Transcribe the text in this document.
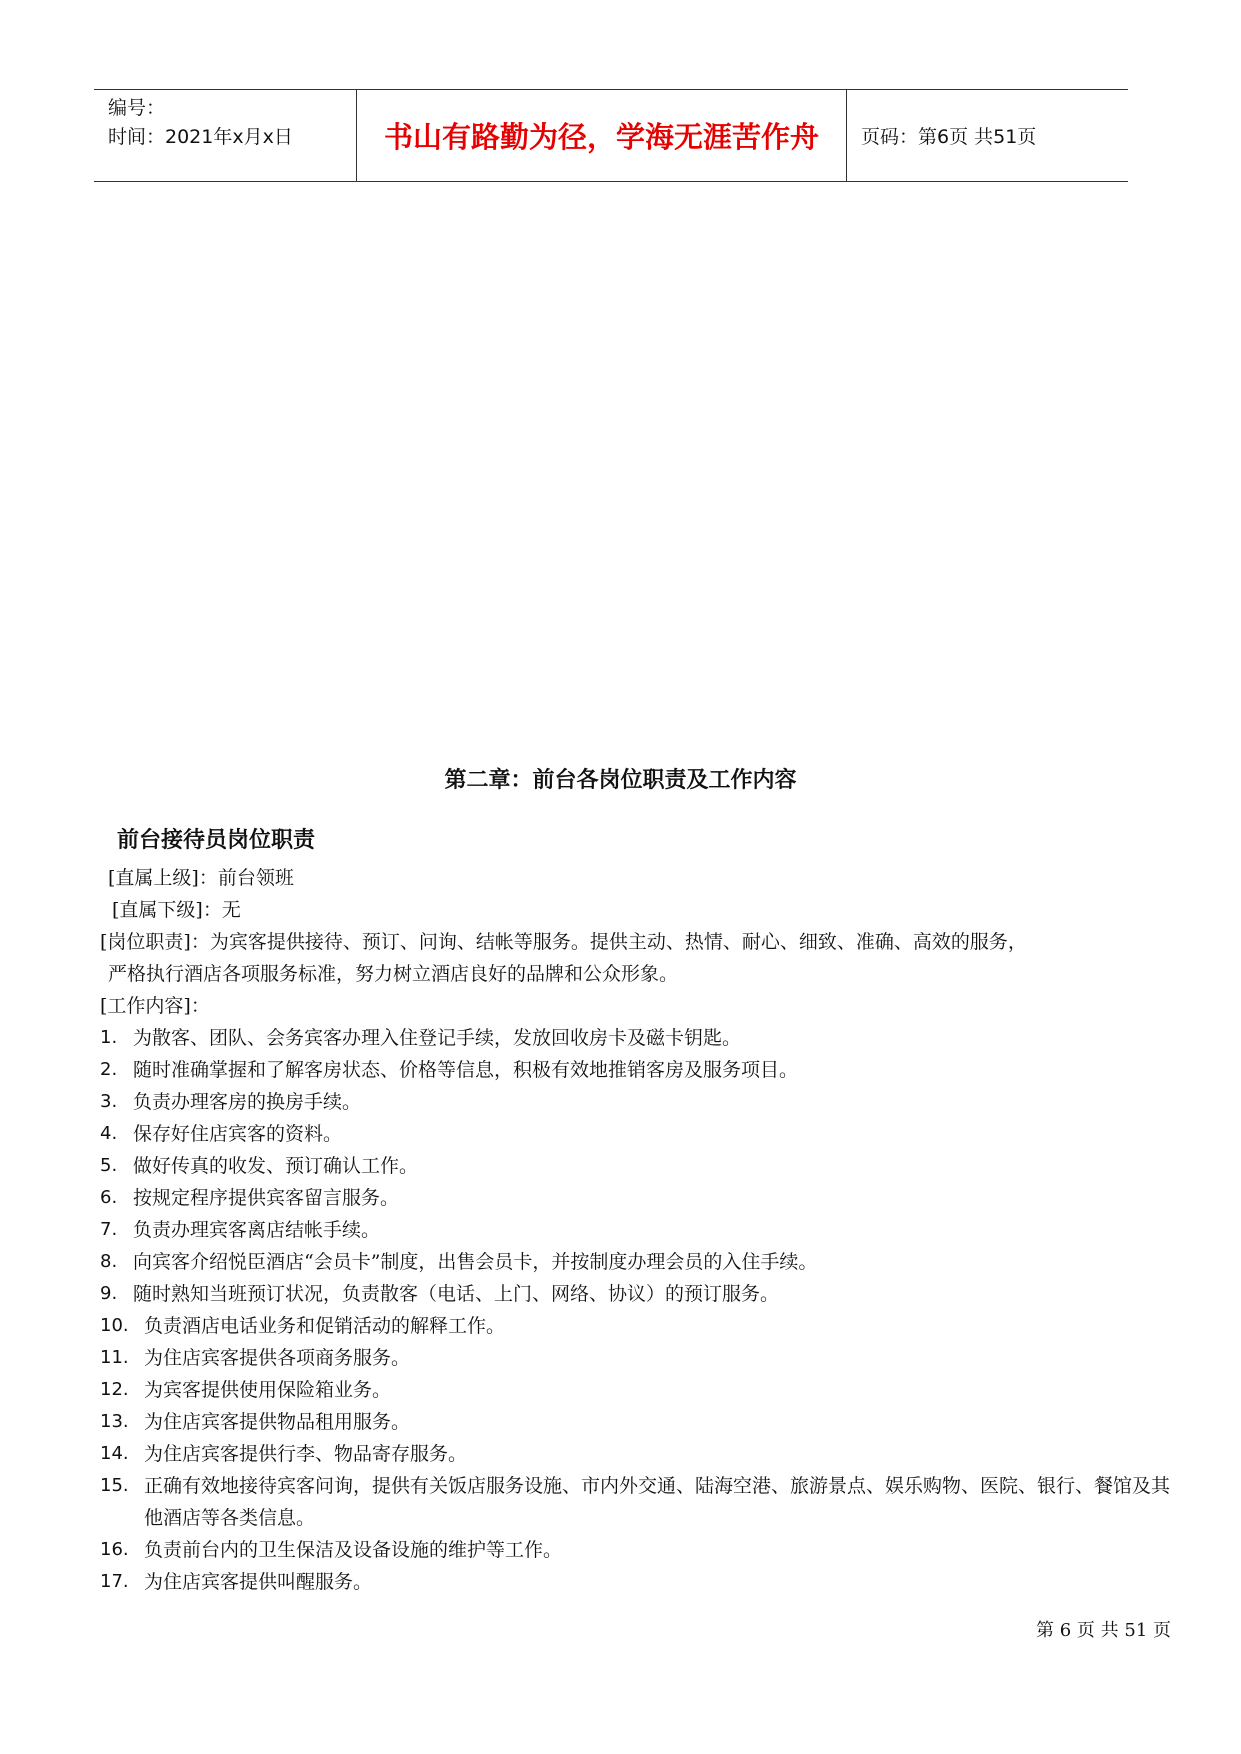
编号：
时间：2021年x月x日	书山有路勤为径，学海无涯苦作舟 页码：第6页 共51页
第二章：前台各岗位职责及工作内容
前台接待员岗位职责
[直属上级]：前台领班
[直属下级]：无
[岗位职责]：为宾客提供接待、预订、问询、结帐等服务。提供主动、热情、耐心、细致、准确、高效的服务，
严格执行酒店各项服务标准，努力树立酒店良好的品牌和公众形象。
[工作内容]：
1. 为散客、团队、会务宾客办理入住登记手续，发放回收房卡及磁卡钥匙。
2. 随时准确掌握和了解客房状态、价格等信息，积极有效地推销客房及服务项目。
3. 负责办理客房的换房手续。
4. 保存好住店宾客的资料。
5. 做好传真的收发、预订确认工作。
6. 按规定程序提供宾客留言服务。
7. 负责办理宾客离店结帐手续。
8. 向宾客介绍悦臣酒店“会员卡”制度，出售会员卡，并按制度办理会员的入住手续。
9. 随时熟知当班预订状况，负责散客（电话、上门、网络、协议）的预订服务。
10. 负责酒店电话业务和促销活动的解释工作。
11. 为住店宾客提供各项商务服务。
12. 为宾客提供使用保险箱业务。
13. 为住店宾客提供物品租用服务。
14. 为住店宾客提供行李、物品寄存服务。
15. 正确有效地接待宾客问询，提供有关饭店服务设施、市内外交通、陆海空港、旅游景点、娱乐购物、医院、银行、餐馆及其他酒店等各类信息。
16. 负责前台内的卫生保洁及设备设施的维护等工作。
17. 为住店宾客提供叫醒服务。
第 6 页 共 51 页
